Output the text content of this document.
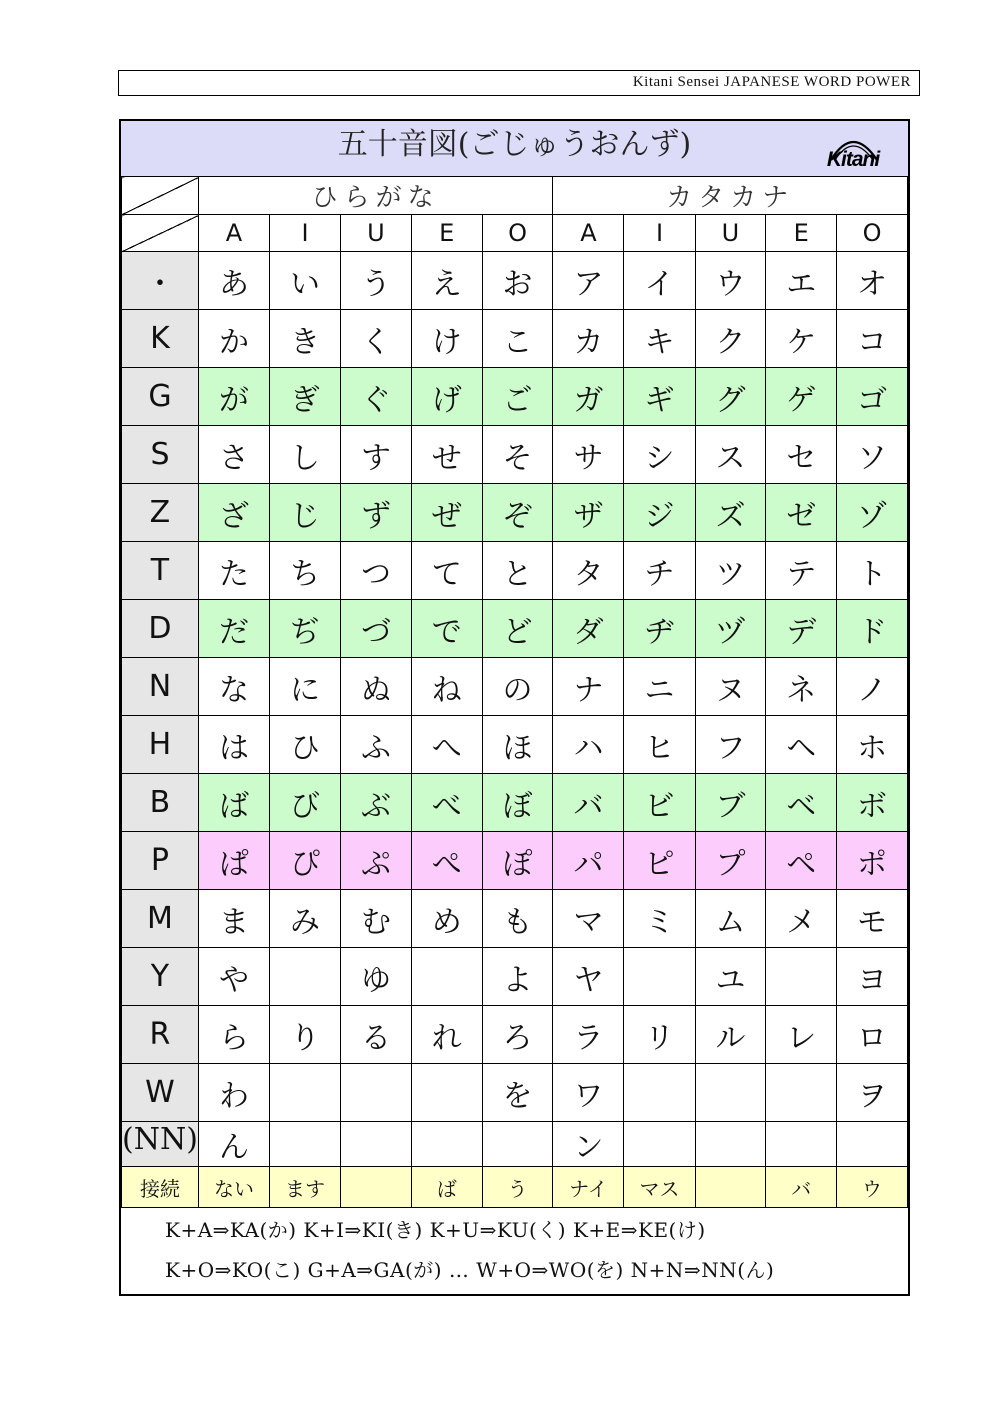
Kitani Sensei JAPANESE WORD POWER
五十音図(ごじゅうおんず)	Kitani
	ひらがな					カタカナ				
	A	I	U	E	O	A	I	U	E	O
・	あ	い	う	え	お	ア	イ	ウ	エ	オ
K	か	き	く	け	こ	カ	キ	ク	ケ	コ
G	が	ぎ	ぐ	げ	ご	ガ	ギ	グ	ゲ	ゴ
S	さ	し	す	せ	そ	サ	シ	ス	セ	ソ
Z	ざ	じ	ず	ぜ	ぞ	ザ	ジ	ズ	ゼ	ゾ
T	た	ち	つ	て	と	タ	チ	ツ	テ	ト
D	だ	ぢ	づ	で	ど	ダ	ヂ	ヅ	デ	ド
N	な	に	ぬ	ね	の	ナ	ニ	ヌ	ネ	ノ
H	は	ひ	ふ	へ	ほ	ハ	ヒ	フ	ヘ	ホ
B	ば	び	ぶ	べ	ぼ	バ	ビ	ブ	ベ	ボ
P	ぱ	ぴ	ぷ	ぺ	ぽ	パ	ピ	プ	ペ	ポ
M	ま	み	む	め	も	マ	ミ	ム	メ	モ
Y	や		ゆ		よ	ヤ		ユ		ヨ
R	ら	り	る	れ	ろ	ラ	リ	ル	レ	ロ
W	わ				を	ワ				ヲ
(NN)	ん					ン				
接続	ない	ます		ば	う	ナイ	マス		バ	ウ
K+A⇒KA(か) K+I⇒KI(き) K+U⇒KU(く) K+E⇒KE(け)
K+O⇒KO(こ) G+A⇒GA(が) … W+O⇒WO(を) N+N⇒NN(ん)
